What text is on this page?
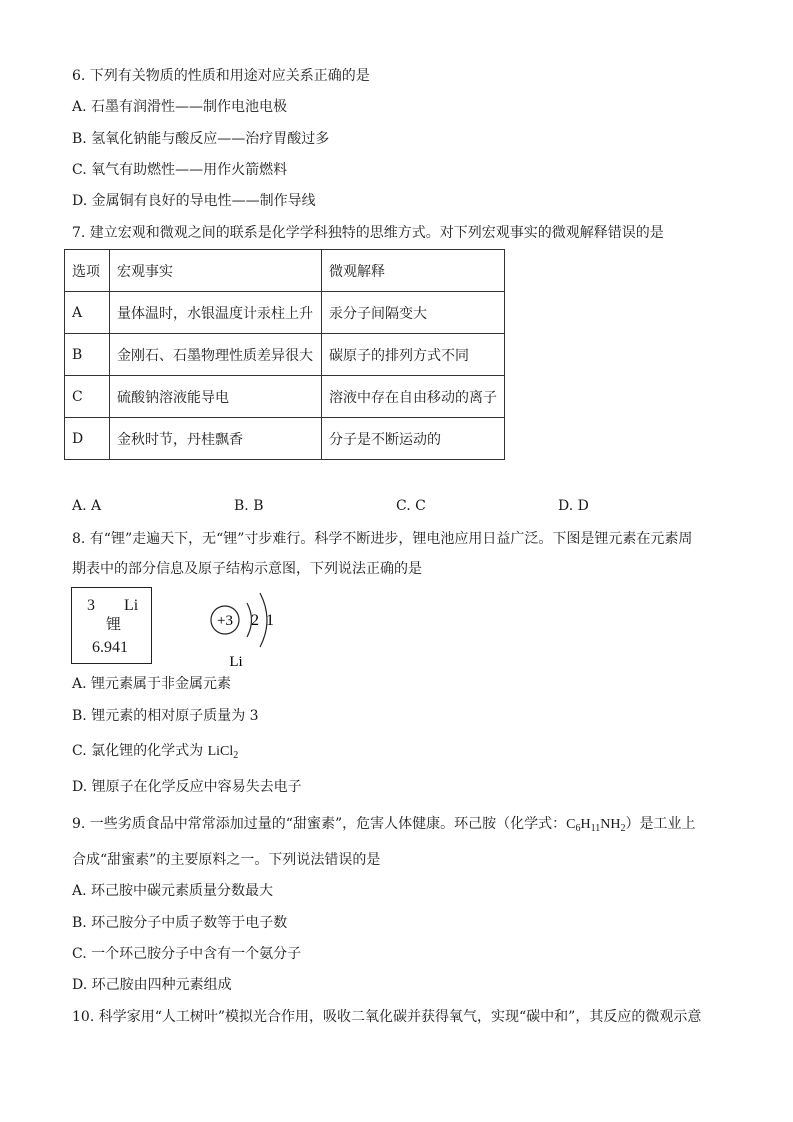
6. 下列有关物质的性质和用途对应关系正确的是
A. 石墨有润滑性——制作电池电极
B. 氢氧化钠能与酸反应——治疗胃酸过多
C. 氧气有助燃性——用作火箭燃料
D. 金属铜有良好的导电性——制作导线
7. 建立宏观和微观之间的联系是化学学科独特的思维方式。对下列宏观事实的微观解释错误的是
选项	宏观事实	微观解释
A	量体温时，水银温度计汞柱上升	汞分子间隔变大
B	金刚石、石墨物理性质差异很大	碳原子的排列方式不同
C	硫酸钠溶液能导电	溶液中存在自由移动的离子
D	金秋时节，丹桂飘香	分子是不断运动的
A. A	B. B	C. C	D. D
8. 有“锂”走遍天下，无“锂”寸步难行。科学不断进步，锂电池应用日益广泛。下图是锂元素在元素周
期表中的部分信息及原子结构示意图，下列说法正确的是
3 Li
锂
6.941
+3 2 1
Li
A. 锂元素属于非金属元素
B. 锂元素的相对原子质量为 3
C. 氯化锂的化学式为 LiCl$_2$
D. 锂原子在化学反应中容易失去电子
9. 一些劣质食品中常常添加过量的“甜蜜素”，危害人体健康。环己胺（化学式：$C_6H_{11}NH_2$）是工业上
合成“甜蜜素”的主要原料之一。下列说法错误的是
A. 环己胺中碳元素质量分数最大
B. 环己胺分子中质子数等于电子数
C. 一个环己胺分子中含有一个氨分子
D. 环己胺由四种元素组成
10. 科学家用“人工树叶”模拟光合作用，吸收二氧化碳并获得氧气，实现“碳中和”，其反应的微观示意
